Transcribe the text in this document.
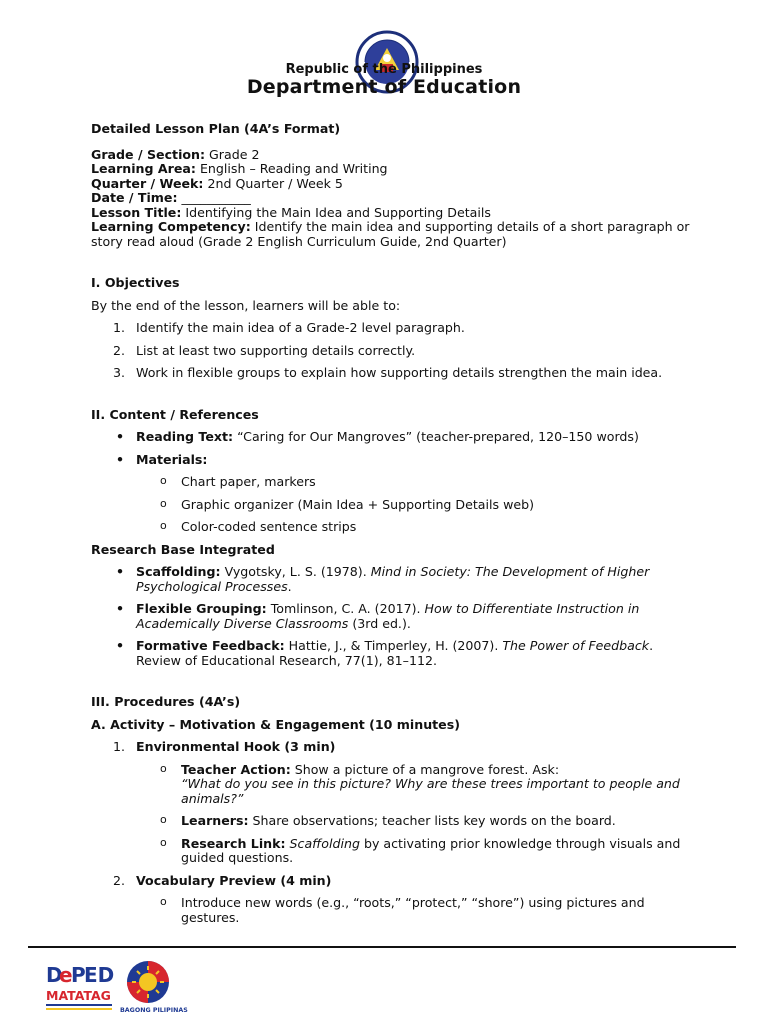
Republic of the Philippines
Department of Education

Detailed Lesson Plan (4A’s Format)

Grade / Section: Grade 2

Learning Area: English – Reading and Writing

Quarter / Week: 2nd Quarter / Week 5

Date / Time: ___________

Lesson Title: Identifying the Main Idea and Supporting Details

Learning Competency: Identify the main idea and supporting details of a short paragraph or story read aloud (Grade 2 English Curriculum Guide, 2nd Quarter)

I. Objectives

By the end of the lesson, learners will be able to:

1. Identify the main idea of a Grade-2 level paragraph.
2. List at least two supporting details correctly.
3. Work in flexible groups to explain how supporting details strengthen the main idea.

II. Content / References

• Reading Text: “Caring for Our Mangroves” (teacher-prepared, 120–150 words)
• Materials:
o Chart paper, markers
o Graphic organizer (Main Idea + Supporting Details web)
o Color-coded sentence strips

Research Base Integrated

• Scaffolding: Vygotsky, L. S. (1978). Mind in Society: The Development of Higher Psychological Processes.
• Flexible Grouping: Tomlinson, C. A. (2017). How to Differentiate Instruction in Academically Diverse Classrooms (3rd ed.).
• Formative Feedback: Hattie, J., & Timperley, H. (2007). The Power of Feedback. Review of Educational Research, 77(1), 81–112.

III. Procedures (4A’s)

A. Activity – Motivation & Engagement (10 minutes)

1. Environmental Hook (3 min)
o Teacher Action: Show a picture of a mangrove forest. Ask:
“What do you see in this picture? Why are these trees important to people and animals?”
o Learners: Share observations; teacher lists key words on the board.
o Research Link: Scaffolding by activating prior knowledge through visuals and guided questions.
2. Vocabulary Preview (4 min)
o Introduce new words (e.g., “roots,” “protect,” “shore”) using pictures and gestures.
D
e
P
ED
MATATAG
BAGONG PILIPINAS
